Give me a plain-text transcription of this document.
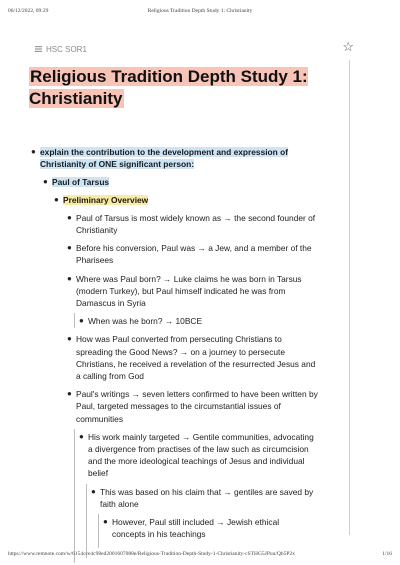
06/12/2022, 09:29	Religious Tradition Depth Study 1: Christianity
HSC SOR1	☆
Religious Tradition Depth Study 1: Christianity
● explain the contribution to the development and expression of Christianity of ONE significant person:
● Paul of Tarsus
● Preliminary Overview
● Paul of Tarsus is most widely known as → the second founder of Christianity
● Before his conversion, Paul was → a Jew, and a member of the Pharisees
● Where was Paul born? → Luke claims he was born in Tarsus (modern Turkey), but Paul himself indicated he was from Damascus in Syria
● When was he born? → 10BCE
● How was Paul converted from persecuting Christians to spreading the Good News? → on a journey to persecute Christians, he received a revelation of the resurrected Jesus and a calling from God
● Paul's writings → seven letters confirmed to have been written by Paul, targeted messages to the circumstantial issues of communities
● His work mainly targeted → Gentile communities, advocating a divergence from practises of the law such as circumcision and the more ideological teachings of Jesus and individual belief
● This was based on his claim that → gentiles are saved by faith alone
● However, Paul still included → Jewish ethical concepts in his teachings
https://www.remnote.com/w/6154cce4c98ed2001607088e/Religious-Tradition-Depth-Study-1-Christianity-cSTHG5JPuu/Qb5P2x	1/16
